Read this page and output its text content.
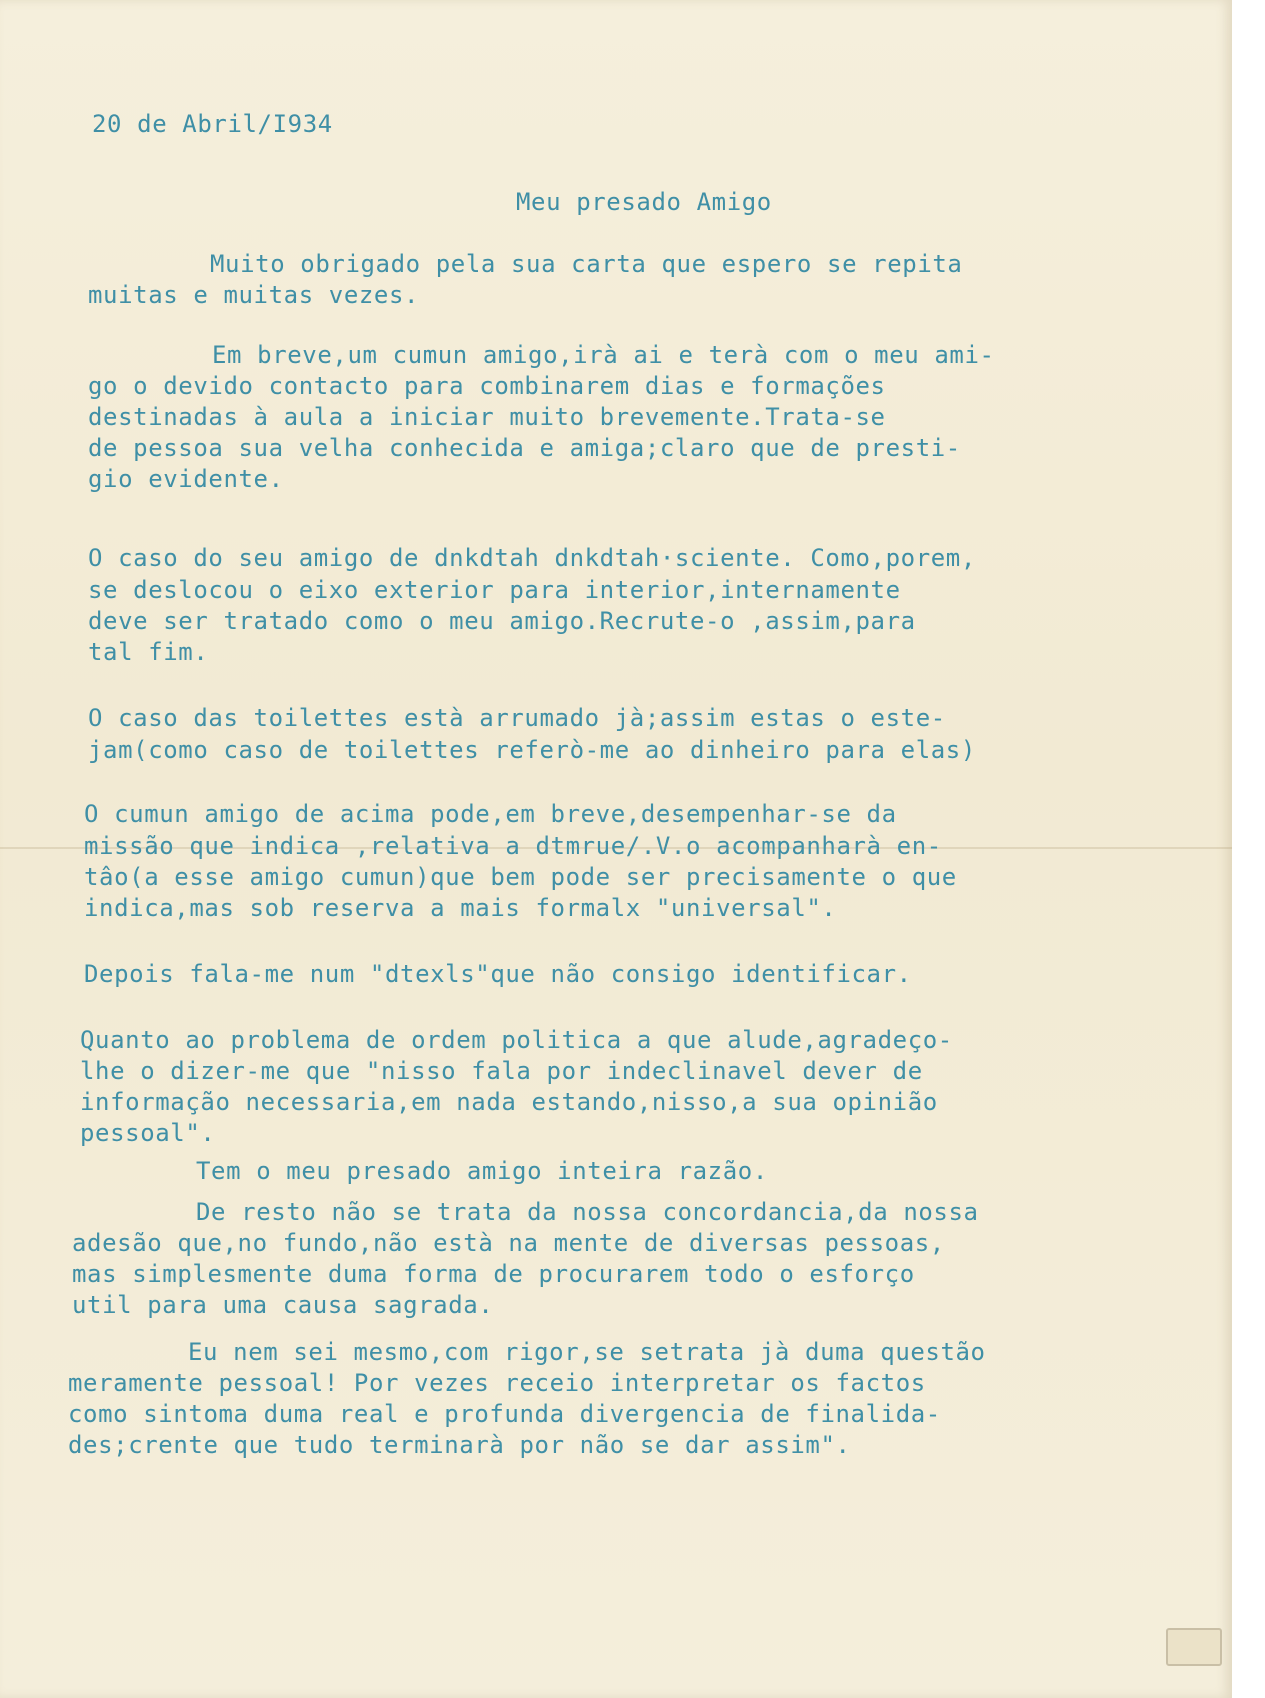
20 de Abril/I934

Meu presado Amigo

Muito obrigado pela sua carta que espero se repita

muitas e muitas vezes.

Em breve,um cumun amigo,irà ai e terà com o meu ami-

go o devido contacto para combinarem dias e formações

destinadas à aula a iniciar muito brevemente.Trata-se

de pessoa sua velha conhecida e amiga;claro que de presti-

gio evidente.

O caso do seu amigo de dnkdtah dnkdtah·sciente. Como,porem,

se deslocou o eixo exterior para interior,internamente

deve ser tratado como o meu amigo.Recrute-o ,assim,para

tal fim.

O caso das toilettes està arrumado jà;assim estas o este-

jam(como caso de toilettes referò-me ao dinheiro para elas)

O cumun amigo de acima pode,em breve,desempenhar-se da

missão que indica ,relativa a dtmrue/.V.o acompanharà en-

tâo(a esse amigo cumun)que bem pode ser precisamente o que

indica,mas sob reserva a mais formalx "universal".

Depois fala-me num "dtexls"que não consigo identificar.

Quanto ao problema de ordem politica a que alude,agradeço-

lhe o dizer-me que "nisso fala por indeclinavel dever de

informação necessaria,em nada estando,nisso,a sua opinião

pessoal".

Tem o meu presado amigo inteira razão.

De resto não se trata da nossa concordancia,da nossa

adesão que,no fundo,não està na mente de diversas pessoas,

mas simplesmente duma forma de procurarem todo o esforço

util para uma causa sagrada.

Eu nem sei mesmo,com rigor,se setrata jà duma questão

meramente pessoal! Por vezes receio interpretar os factos

como sintoma duma real e profunda divergencia de finalida-

des;crente que tudo terminarà por não se dar assim".
